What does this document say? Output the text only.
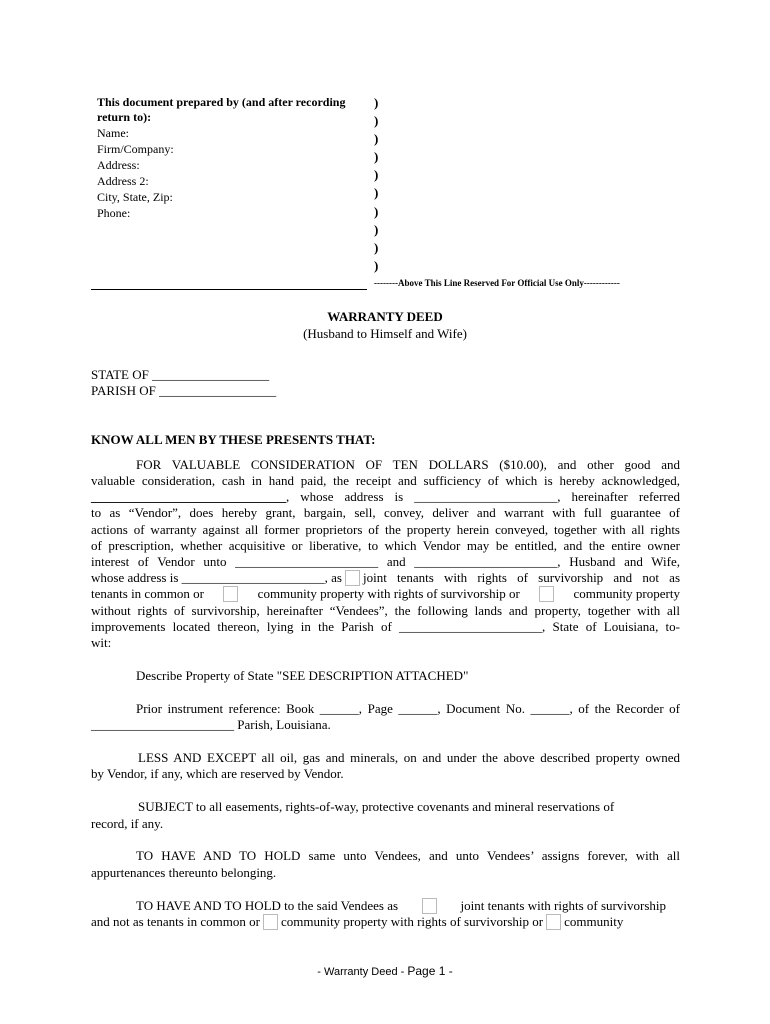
This document prepared by (and after recording
return to):
Name:
Firm/Company:
Address:
Address 2:
City, State, Zip:
Phone:
)
)
)
)
)
)
)
)
)
)
--------Above This Line Reserved For Official Use Only------------
WARRANTY DEED
(Husband to Himself and Wife)
STATE OF __________________
PARISH OF __________________
KNOW ALL MEN BY THESE PRESENTS THAT:
FOR VALUABLE CONSIDERATION OF TEN DOLLARS ($10.00), and other good and
valuable consideration, cash in hand paid, the receipt and sufficiency of which is hereby acknowledged,
______________________________ , whose address is ______________________, hereinafter referred
to as “Vendor”, does hereby grant, bargain, sell, convey, deliver and warrant with full guarantee of
actions of warranty against all former proprietors of the property herein conveyed, together with all rights
of prescription, whether acquisitive or liberative, to which Vendor may be entitled, and the entire owner
interest of Vendor unto ______________________ and ______________________, Husband and Wife,
whose address is ______________________, as joint tenants with rights of survivorship and not as
tenants in common or	community property with rights of survivorship or	community property
without rights of survivorship, hereinafter “Vendees”, the following lands and property, together with all
improvements located thereon, lying in the Parish of ______________________, State of Louisiana, to-
wit:
Describe Property of State "SEE DESCRIPTION ATTACHED"
Prior instrument reference: Book ______, Page ______, Document No. ______, of the Recorder of
______________________ Parish, Louisiana.
LESS AND EXCEPT all oil, gas and minerals, on and under the above described property owned
by Vendor, if any, which are reserved by Vendor.
SUBJECT to all easements, rights-of-way, protective covenants and mineral reservations of
record, if any.
TO HAVE AND TO HOLD same unto Vendees, and unto Vendees’ assigns forever, with all
appurtenances thereunto belonging.
TO HAVE AND TO HOLD to the said Vendees as	joint tenants with rights of survivorship
and not as tenants in common or community property with rights of survivorship or community
- Warranty Deed - Page 1 -
